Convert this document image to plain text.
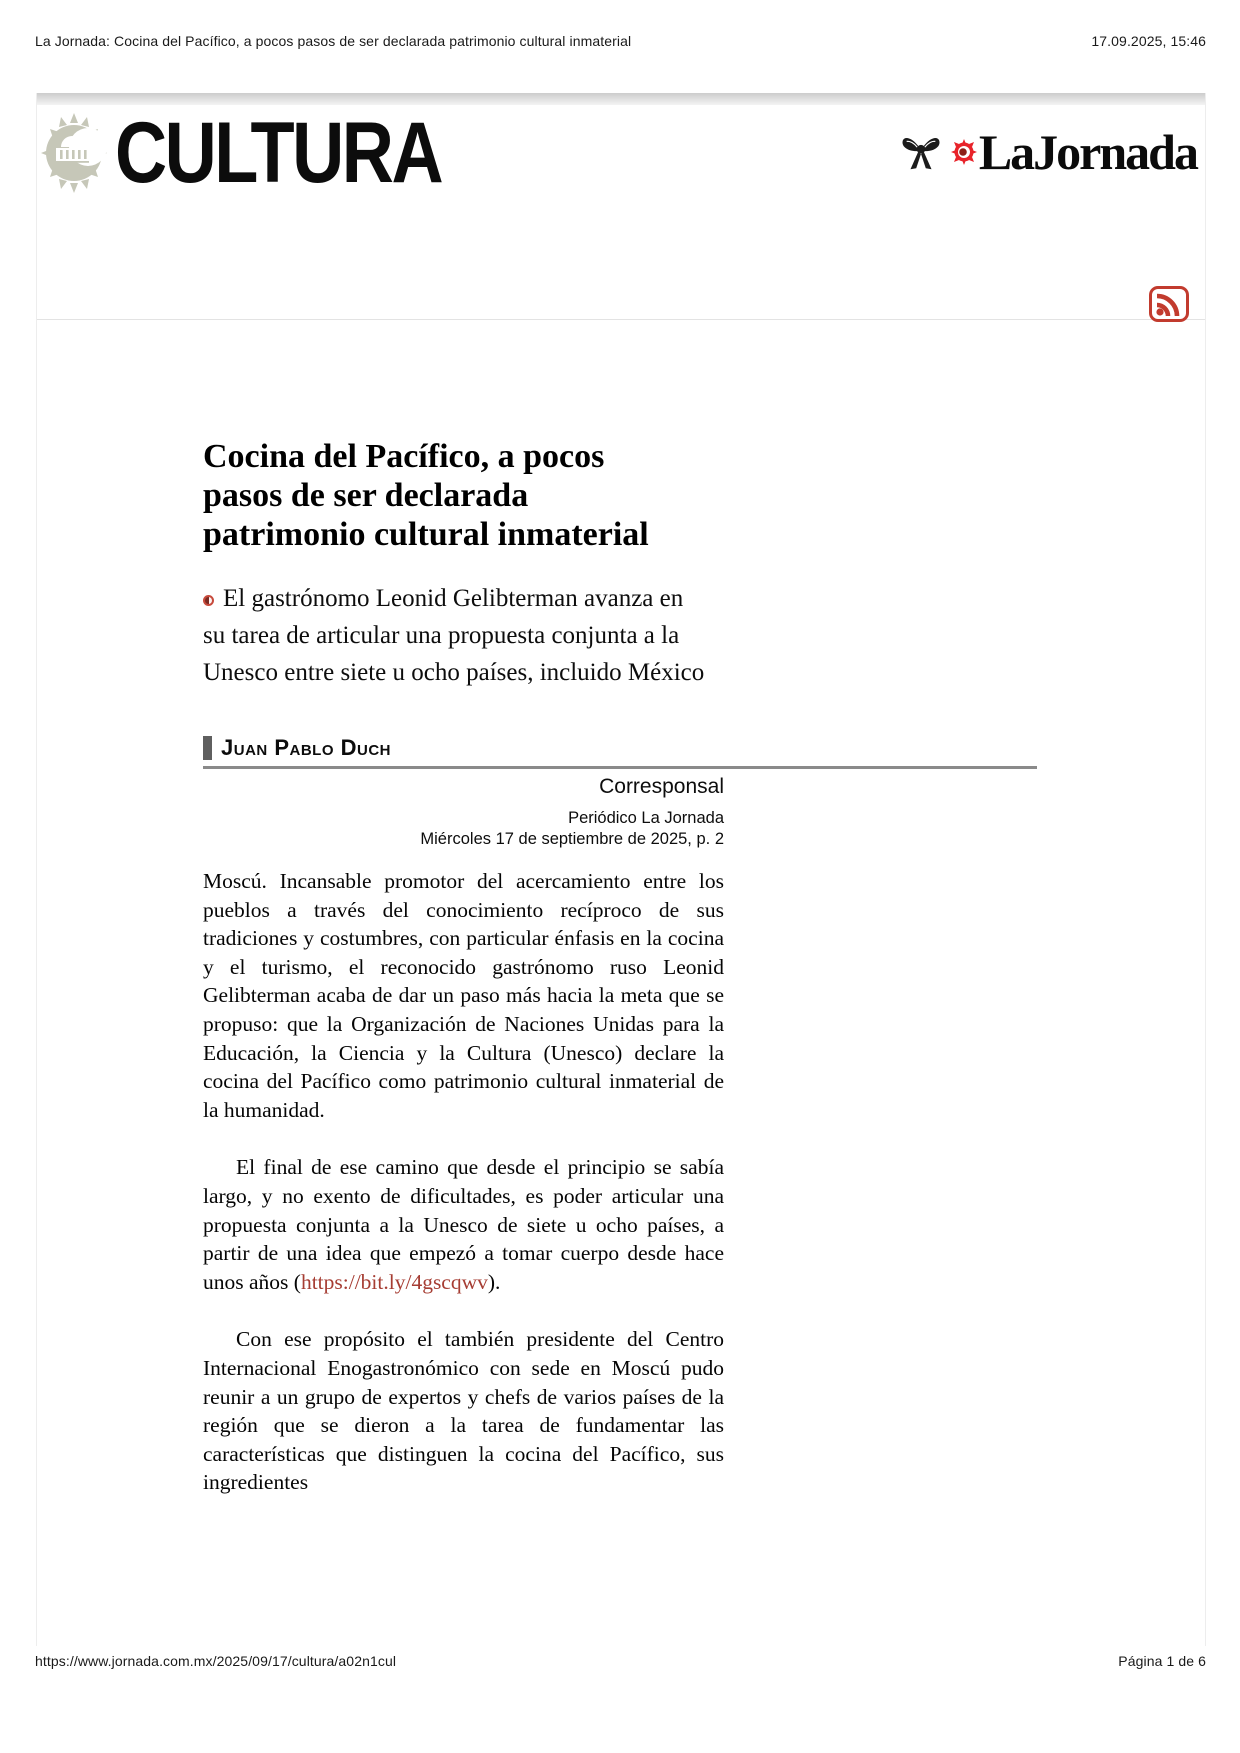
La Jornada: Cocina del Pacífico, a pocos pasos de ser declarada patrimonio cultural inmaterial	17.09.2025, 15:46
CULTURA	LaJornada
Cocina del Pacífico, a pocos pasos de ser declarada patrimonio cultural inmaterial
El gastrónomo Leonid Gelibterman avanza en su tarea de articular una propuesta conjunta a la Unesco entre siete u ocho países, incluido México
Juan Pablo Duch
Corresponsal
Periódico La Jornada
Miércoles 17 de septiembre de 2025, p. 2

Moscú. Incansable promotor del acercamiento entre los pueblos a través del conocimiento recíproco de sus tradiciones y costumbres, con particular énfasis en la cocina y el turismo, el reconocido gastrónomo ruso Leonid Gelibterman acaba de dar un paso más hacia la meta que se propuso: que la Organización de Naciones Unidas para la Educación, la Ciencia y la Cultura (Unesco) declare la cocina del Pacífico como patrimonio cultural inmaterial de la humanidad.

El final de ese camino que desde el principio se sabía largo, y no exento de dificultades, es poder articular una propuesta conjunta a la Unesco de siete u ocho países, a partir de una idea que empezó a tomar cuerpo desde hace unos años (https://bit.ly/4gscqwv).

Con ese propósito el también presidente del Centro Internacional Enogastronómico con sede en Moscú pudo reunir a un grupo de expertos y chefs de varios países de la región que se dieron a la tarea de fundamentar las características que distinguen la cocina del Pacífico, sus ingredientes

https://www.jornada.com.mx/2025/09/17/cultura/a02n1cul	Página 1 de 6
